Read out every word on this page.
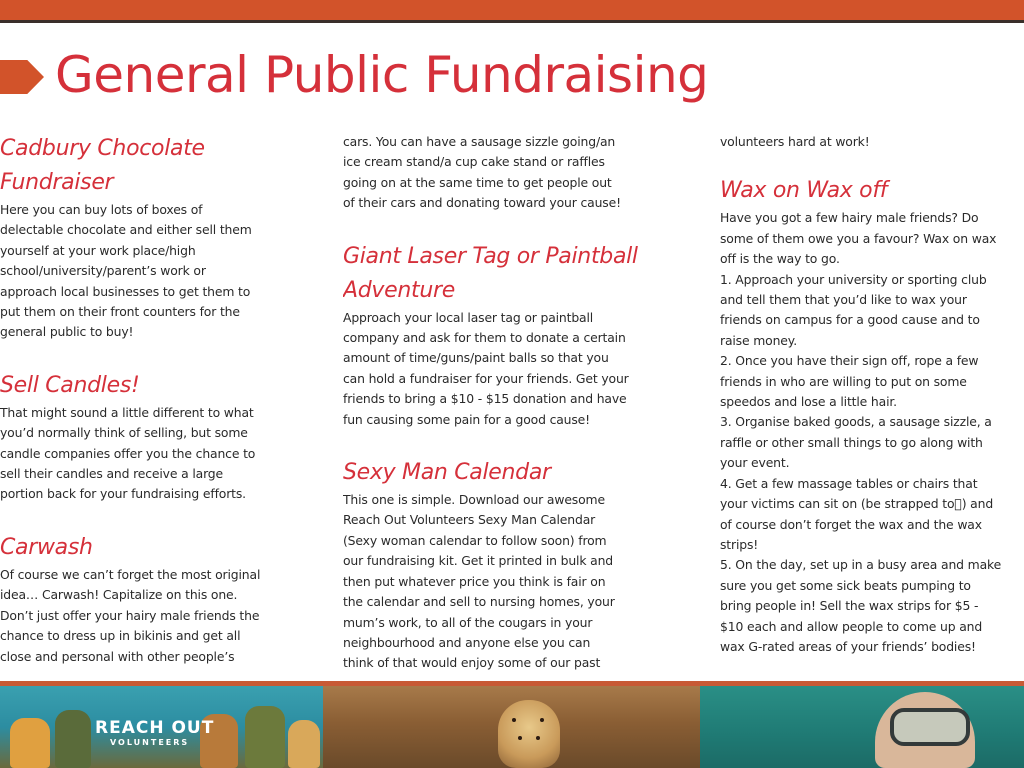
General Public Fundraising
Cadbury Chocolate
Fundraiser

Here you can buy lots of boxes of
delectable chocolate and either sell them
yourself at your work place/high
school/university/parent’s work or
approach local businesses to get them to
put them on their front counters for the
general public to buy!

Sell Candles!

That might sound a little different to what
you’d normally think of selling, but some
candle companies offer you the chance to
sell their candles and receive a large
portion back for your fundraising efforts.

Carwash

Of course we can’t forget the most original
idea… Carwash! Capitalize on this one.
Don’t just offer your hairy male friends the
chance to dress up in bikinis and get all
close and personal with other people’s

cars. You can have a sausage sizzle going/an
ice cream stand/a cup cake stand or raffles
going on at the same time to get people out
of their cars and donating toward your cause!

Giant Laser Tag or Paintball
Adventure

Approach your local laser tag or paintball
company and ask for them to donate a certain
amount of time/guns/paint balls so that you
can hold a fundraiser for your friends. Get your
friends to bring a $10 - $15 donation and have
fun causing some pain for a good cause!

Sexy Man Calendar

This one is simple. Download our awesome
Reach Out Volunteers Sexy Man Calendar
(Sexy woman calendar to follow soon) from
our fundraising kit. Get it printed in bulk and
then put whatever price you think is fair on
the calendar and sell to nursing homes, your
mum’s work, to all of the cougars in your
neighbourhood and anyone else you can
think of that would enjoy some of our past

volunteers hard at work!

Wax on Wax off

Have you got a few hairy male friends? Do
some of them owe you a favour? Wax on wax
off is the way to go.
1. Approach your university or sporting club
and tell them that you’d like to wax your
friends on campus for a good cause and to
raise money.
2. Once you have their sign off, rope a few
friends in who are willing to put on some
speedos and lose a little hair.
3. Organise baked goods, a sausage sizzle, a
raffle or other small things to go along with
your event.
4. Get a few massage tables or chairs that
your victims can sit on (be strapped to ) and
of course don’t forget the wax and the wax
strips!
5. On the day, set up in a busy area and make
sure you get some sick beats pumping to
bring people in! Sell the wax strips for $5 -
$10 each and allow people to come up and
wax G-rated areas of your friends’ bodies!

REACH OUT
VOLUNTEERS
